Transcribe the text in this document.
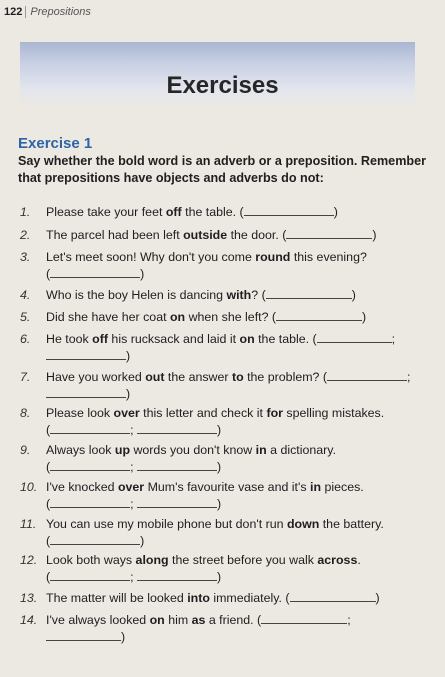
122 Prepositions
Exercises
Exercise 1
Say whether the bold word is an adverb or a preposition. Remember that prepositions have objects and adverbs do not:
1.	Please take your feet off the table. (	)
2.	The parcel had been left outside the door. (	)
3.	Let's meet soon! Why don't you come round this evening?
(	)
4.	Who is the boy Helen is dancing with? (	)
5.	Did she have her coat on when she left? (	)
6.	He took off his rucksack and laid it on the table. (	;
)
7.	Have you worked out the answer to the problem? (	;
)
8.	Please look over this letter and check it for spelling mistakes.
(	;	)
9.	Always look up words you don't know in a dictionary.
(	;	)
10. I've knocked over Mum's favourite vase and it's in pieces.
(	;	)
11. You can use my mobile phone but don't run down the battery.
(	)
12. Look both ways along the street before you walk across.
(	;	)
13. The matter will be looked into immediately. (	)
14. I've always looked on him as a friend. (	;
)
